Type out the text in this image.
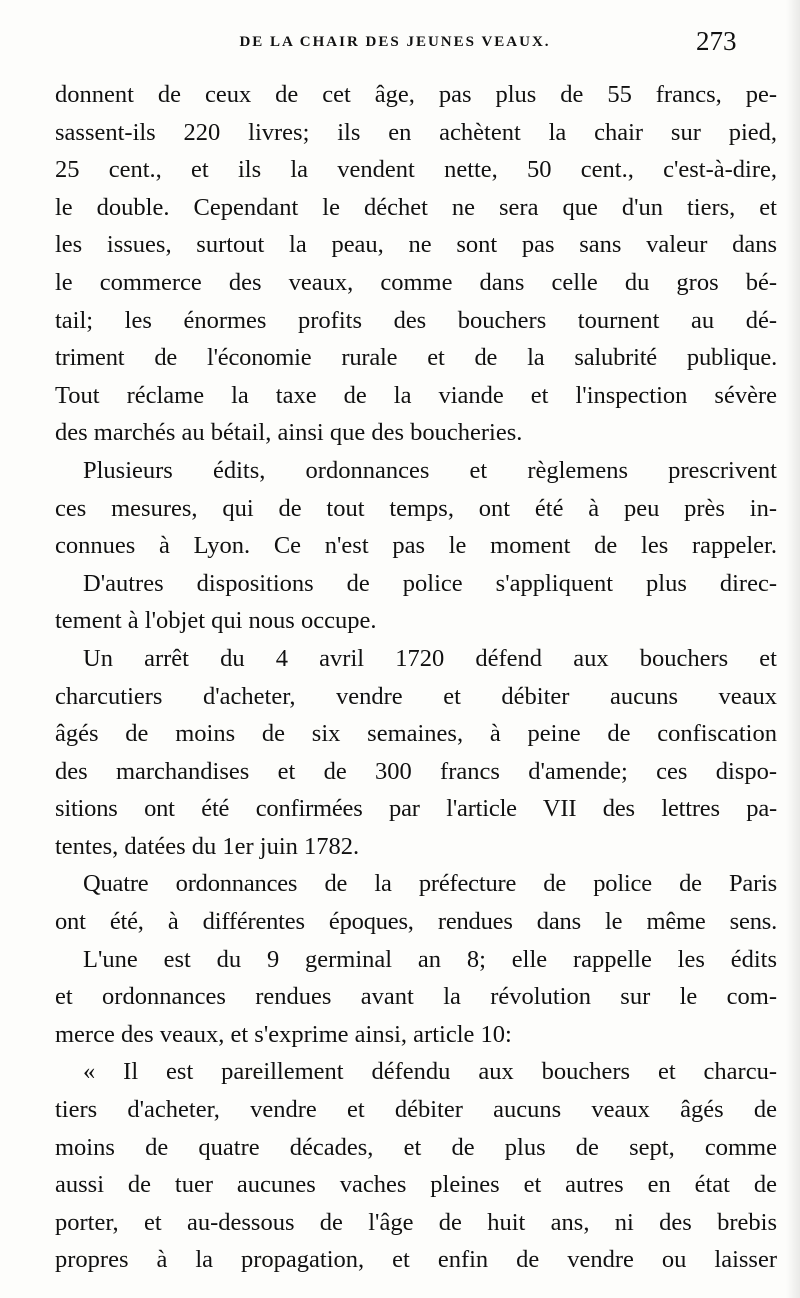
DE LA CHAIR DES JEUNES VEAUX.	273
donnent de ceux de cet âge, pas plus de 55 francs, pe-
sassent-ils 220 livres; ils en achètent la chair sur pied,
25 cent., et ils la vendent nette, 50 cent., c'est-à-dire,
le double. Cependant le déchet ne sera que d'un tiers, et
les issues, surtout la peau, ne sont pas sans valeur dans
le commerce des veaux, comme dans celle du gros bé-
tail; les énormes profits des bouchers tournent au dé-
triment de l'économie rurale et de la salubrité publique.
Tout réclame la taxe de la viande et l'inspection sévère
des marchés au bétail, ainsi que des boucheries.
Plusieurs édits, ordonnances et règlemens prescrivent
ces mesures, qui de tout temps, ont été à peu près in-
connues à Lyon. Ce n'est pas le moment de les rappeler.
D'autres dispositions de police s'appliquent plus direc-
tement à l'objet qui nous occupe.
Un arrêt du 4 avril 1720 défend aux bouchers et
charcutiers d'acheter, vendre et débiter aucuns veaux
âgés de moins de six semaines, à peine de confiscation
des marchandises et de 300 francs d'amende; ces dispo-
sitions ont été confirmées par l'article VII des lettres pa-
tentes, datées du 1er juin 1782.
Quatre ordonnances de la préfecture de police de Paris
ont été, à différentes époques, rendues dans le même sens.
L'une est du 9 germinal an 8; elle rappelle les édits
et ordonnances rendues avant la révolution sur le com-
merce des veaux, et s'exprime ainsi, article 10:
« Il est pareillement défendu aux bouchers et charcu-
tiers d'acheter, vendre et débiter aucuns veaux âgés de
moins de quatre décades, et de plus de sept, comme
aussi de tuer aucunes vaches pleines et autres en état de
porter, et au-dessous de l'âge de huit ans, ni des brebis
propres à la propagation, et enfin de vendre ou laisser
